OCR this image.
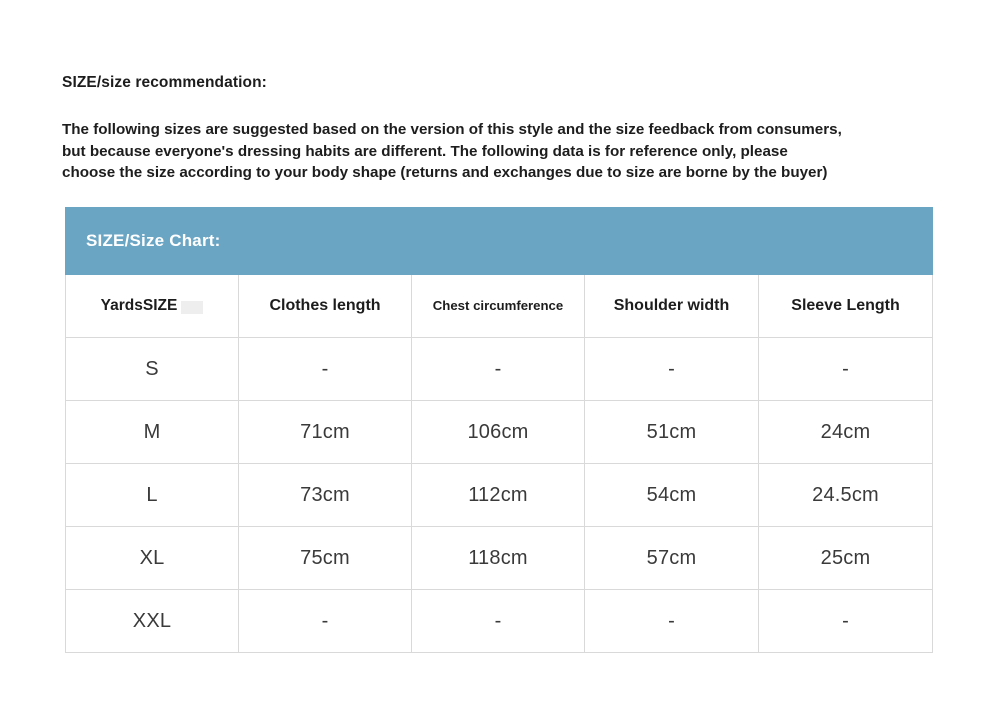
SIZE/size recommendation:
The following sizes are suggested based on the version of this style and the size feedback from consumers,
but because everyone's dressing habits are different. The following data is for reference only, please
choose the size according to your body shape (returns and exchanges due to size are borne by the buyer)
SIZE/Size Chart:				
YardsSIZE	Clothes length	Chest circumference	Shoulder width	Sleeve Length
S	-	-	-	-
M	71cm	106cm	51cm	24cm
L	73cm	112cm	54cm	24.5cm
XL	75cm	118cm	57cm	25cm
XXL	-	-	-	-
